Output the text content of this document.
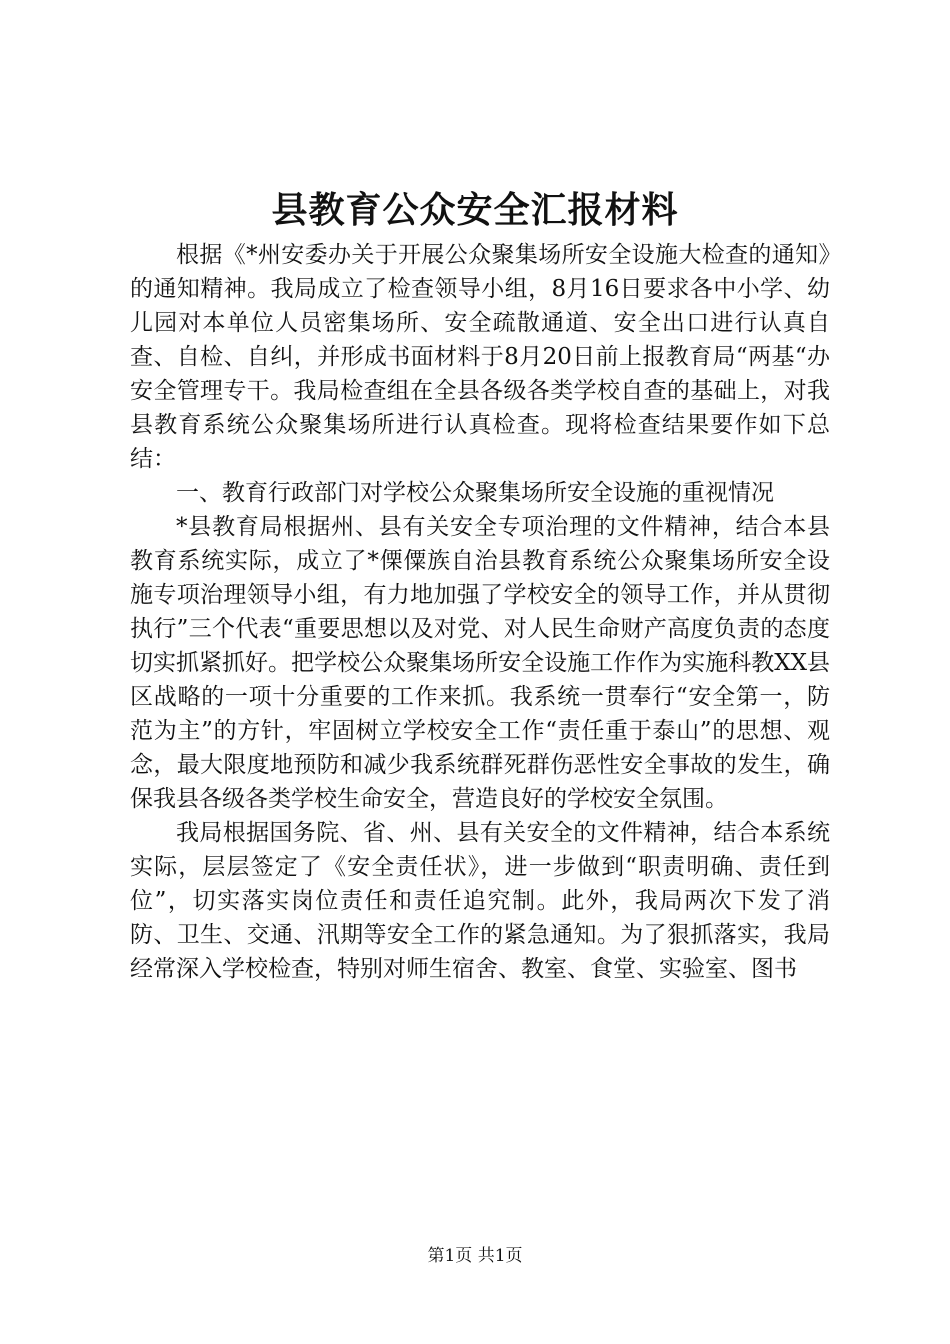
县教育公众安全汇报材料

根据《*州安委办关于开展公众聚集场所安全设施大检查的通知》的通知精神。我局成立了检查领导小组，8月16日要求各中小学、幼儿园对本单位人员密集场所、安全疏散通道、安全出口进行认真自查、自检、自纠，并形成书面材料于8月20日前上报教育局“两基“办安全管理专干。我局检查组在全县各级各类学校自查的基础上，对我县教育系统公众聚集场所进行认真检查。现将检查结果要作如下总结：

一、教育行政部门对学校公众聚集场所安全设施的重视情况

*县教育局根据州、县有关安全专项治理的文件精神，结合本县教育系统实际，成立了*傈僳族自治县教育系统公众聚集场所安全设施专项治理领导小组，有力地加强了学校安全的领导工作，并从贯彻执行”三个代表“重要思想以及对党、对人民生命财产高度负责的态度切实抓紧抓好。把学校公众聚集场所安全设施工作作为实施科教XX县区战略的一项十分重要的工作来抓。我系统一贯奉行“安全第一，防范为主”的方针，牢固树立学校安全工作“责任重于泰山”的思想、观念，最大限度地预防和减少我系统群死群伤恶性安全事故的发生，确保我县各级各类学校生命安全，营造良好的学校安全氛围。

我局根据国务院、省、州、县有关安全的文件精神，结合本系统实际，层层签定了《安全责任状》，进一步做到“职责明确、责任到位”，切实落实岗位责任和责任追究制。此外，我局两次下发了消防、卫生、交通、汛期等安全工作的紧急通知。为了狠抓落实，我局经常深入学校检查，特别对师生宿舍、教室、食堂、实验室、图书

第1页 共1页
